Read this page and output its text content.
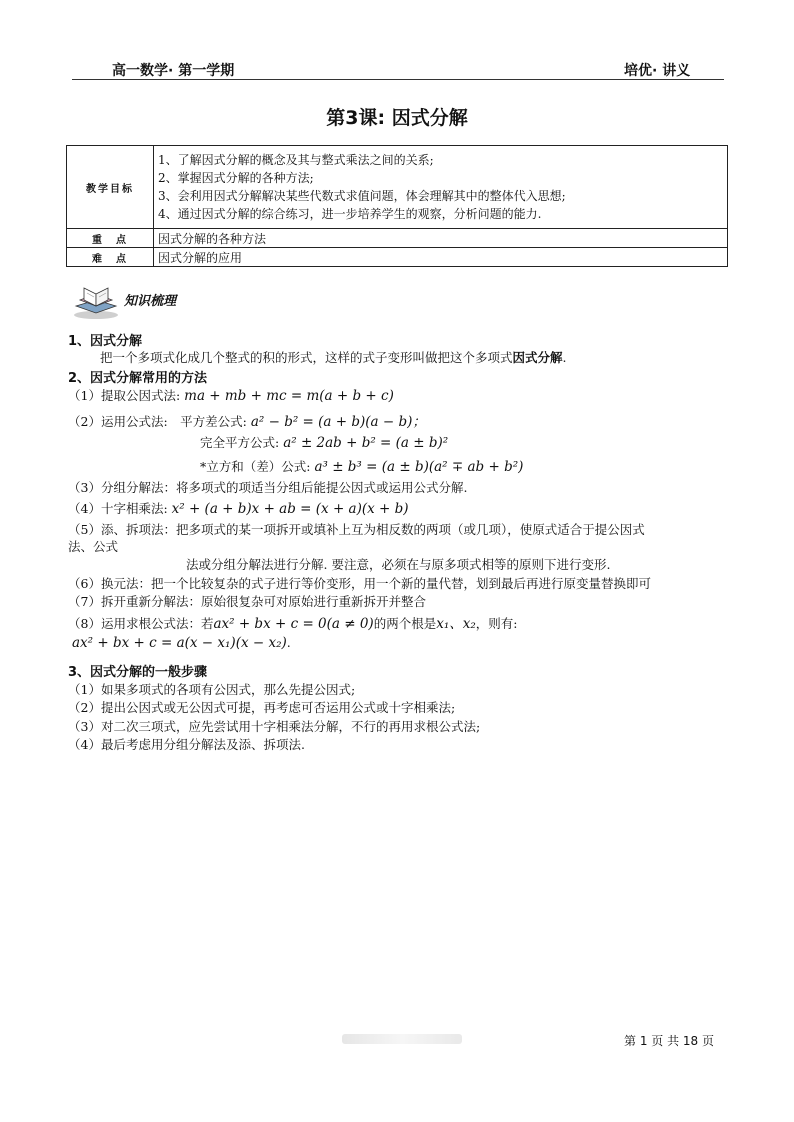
高一数学· 第一学期	培优· 讲义
第3课: 因式分解
教学目标	1、了解因式分解的概念及其与整式乘法之间的关系;
2、掌握因式分解的各种方法;
3、会利用因式分解解决某些代数式求值问题，体会理解其中的整体代入思想;
4、通过因式分解的综合练习，进一步培养学生的观察，分析问题的能力.

重　点	因式分解的各种方法
难　点	因式分解的应用
知识梳理
1、因式分解
把一个多项式化成几个整式的积的形式，这样的式子变形叫做把这个多项式因式分解.
2、因式分解常用的方法
（1）提取公因式法: ma + mb + mc = m(a + b + c)
（2）运用公式法:　平方差公式: a² − b² = (a + b)(a − b)；
完全平方公式: a² ± 2ab + b² = (a ± b)²
*立方和（差）公式: a³ ± b³ = (a ± b)(a² ∓ ab + b²)
（3）分组分解法：将多项式的项适当分组后能提公因式或运用公式分解.
（4）十字相乘法: x² + (a + b)x + ab = (x + a)(x + b)
（5）添、拆项法：把多项式的某一项拆开或填补上互为相反数的两项（或几项），使原式适合于提公因式
法、公式
法或分组分解法进行分解. 要注意，必须在与原多项式相等的原则下进行变形.
（6）换元法：把一个比较复杂的式子进行等价变形，用一个新的量代替，划到最后再进行原变量替换即可
（7）拆开重新分解法：原始很复杂可对原始进行重新拆开并整合
（8）运用求根公式法：若ax² + bx + c = 0(a ≠ 0)的两个根是x₁、x₂，则有:
ax² + bx + c = a(x − x₁)(x − x₂).
3、因式分解的一般步骤
（1）如果多项式的各项有公因式，那么先提公因式;
（2）提出公因式或无公因式可提，再考虑可否运用公式或十字相乘法;
（3）对二次三项式，应先尝试用十字相乘法分解，不行的再用求根公式法;
（4）最后考虑用分组分解法及添、拆项法.
第 1 页 共 18 页
